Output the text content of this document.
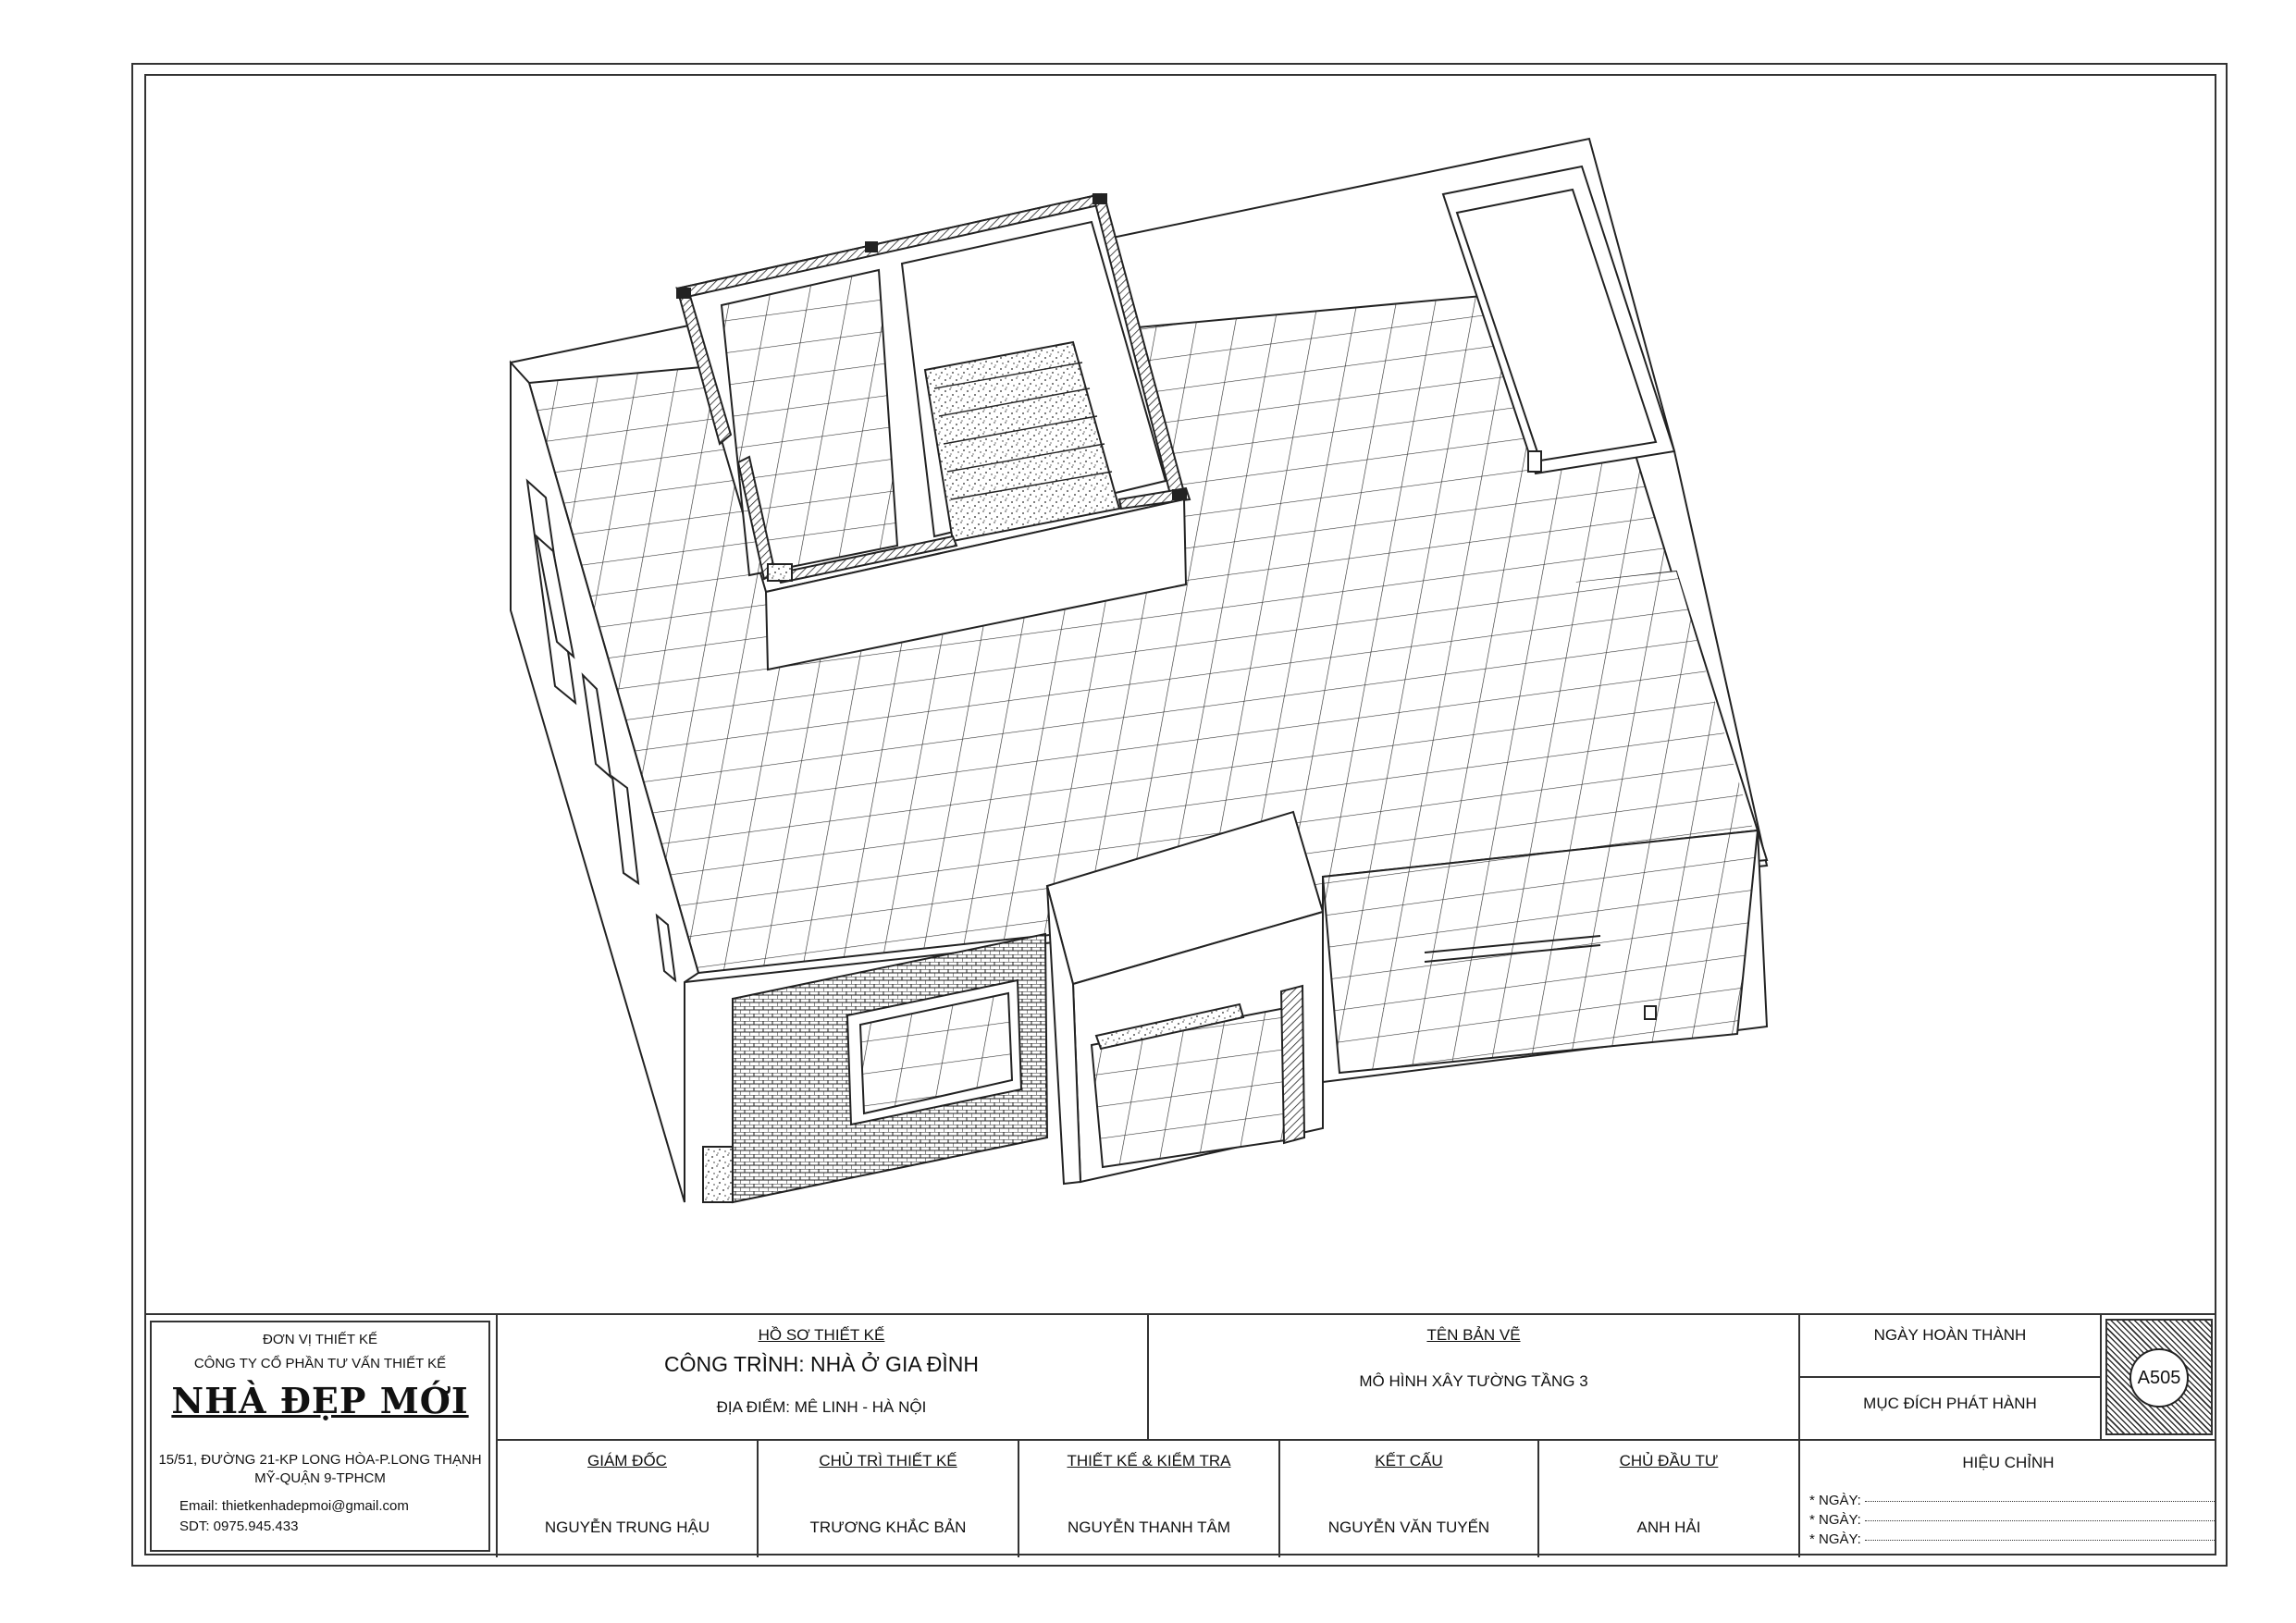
ĐƠN VỊ THIẾT KẾ
CÔNG TY CỔ PHẦN TƯ VẤN THIẾT KẾ
NHÀ ĐẸP MỚI
15/51, ĐƯỜNG 21-KP LONG HÒA-P.LONG THẠNH
MỸ-QUẬN 9-TPHCM
Email: thietkenhadepmoi@gmail.com
SDT: 0975.945.433
HỒ SƠ THIẾT KẾ
CÔNG TRÌNH: NHÀ Ở GIA ĐÌNH
ĐỊA ĐIỂM: MÊ LINH - HÀ NỘI
TÊN BẢN VẼ
MÔ HÌNH XÂY TƯỜNG TẦNG 3
NGÀY HOÀN THÀNH
MỤC ĐÍCH PHÁT HÀNH
A505
GIÁM ĐỐC
NGUYỄN TRUNG HẬU
CHỦ TRÌ THIẾT KẾ
TRƯƠNG KHẮC BẢN
THIẾT KẾ & KIỂM TRA
NGUYỄN THANH TÂM
KẾT CẤU
NGUYỄN VĂN TUYẾN
CHỦ ĐẦU TƯ
ANH HẢI
HIỆU CHỈNH
* NGÀY:
* NGÀY:
* NGÀY:
